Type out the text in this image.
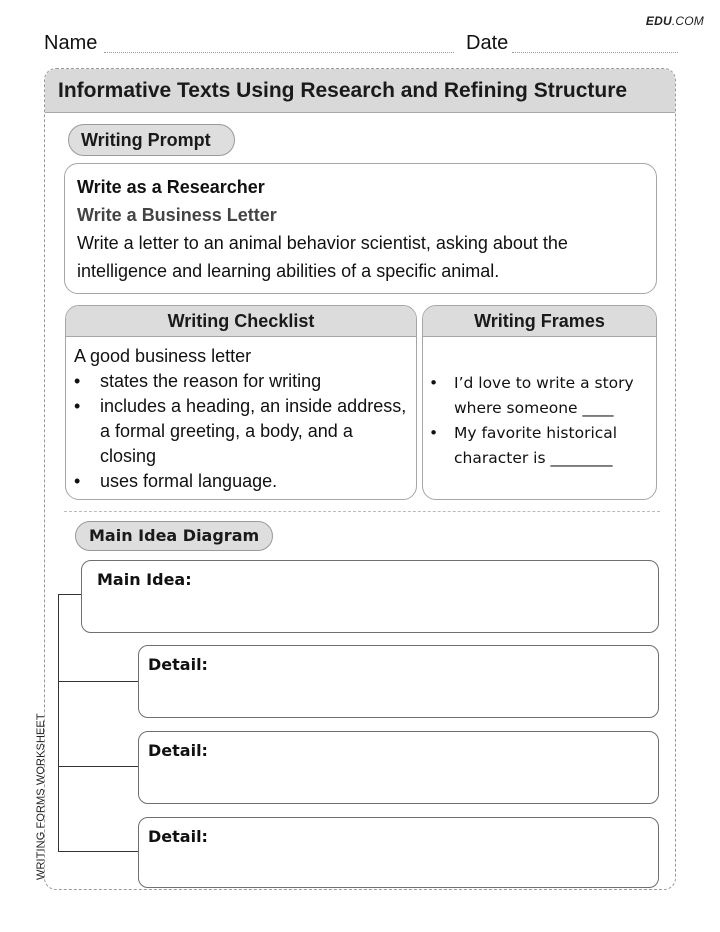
EDU.COM
Name	Date
Informative Texts Using Research and Refining Structure
Writing Prompt
Write as a Researcher
Write a Business Letter
Write a letter to an animal behavior scientist, asking about the intelligence and learning abilities of a specific animal.
Writing Checklist
A good business letter
• states the reason for writing
• includes a heading, an inside address, a formal greeting, a body, and a closing
• uses formal language.
Writing Frames
• I’d love to write a story where someone ____
• My favorite historical character is ________
Main Idea Diagram
Main Idea:
Detail:
Detail:
Detail:
WRITING FORMS WORKSHEET
